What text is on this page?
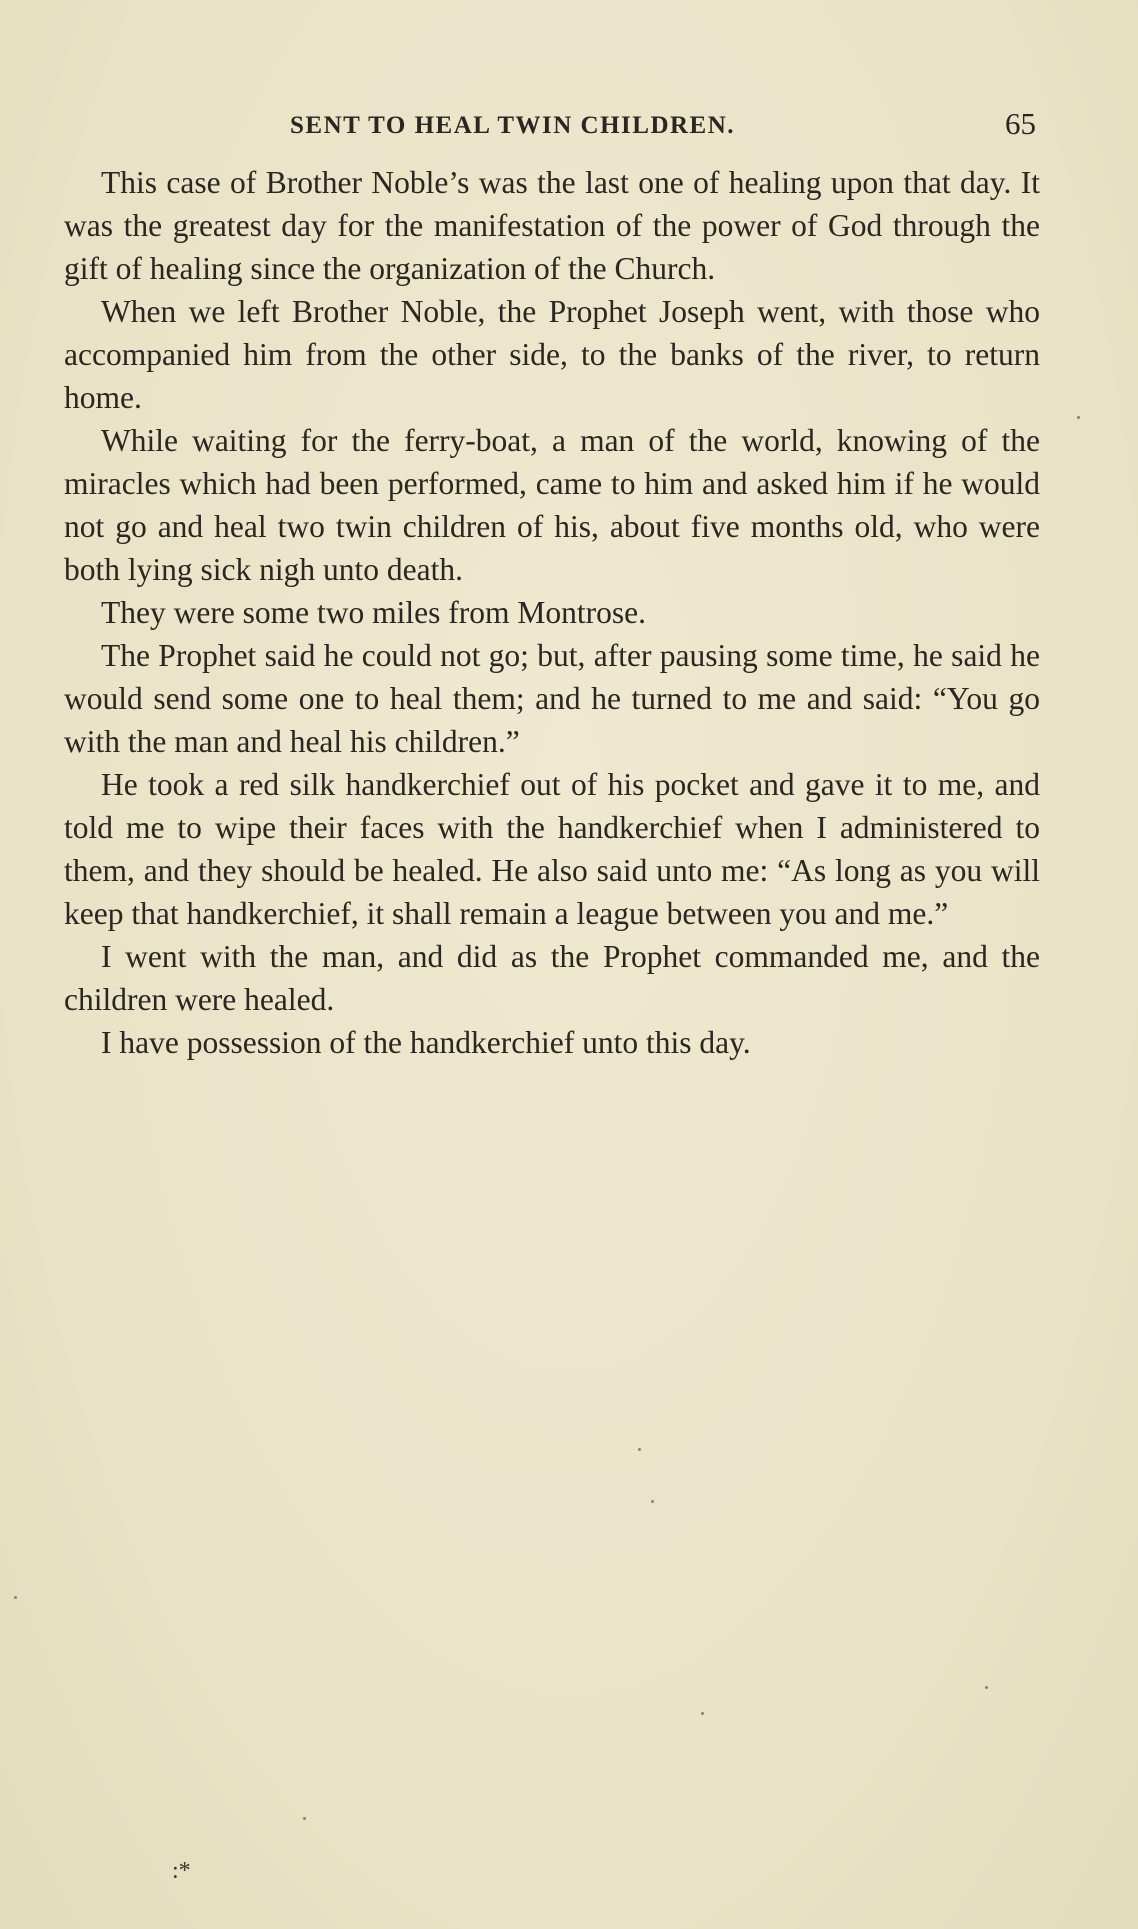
SENT TO HEAL TWIN CHILDREN.	65

This case of Brother Noble’s was the last one of healing upon that day. It was the greatest day for the manifestation of the power of God through the gift of healing since the organization of the Church.

When we left Brother Noble, the Prophet Joseph went, with those who accompanied him from the other side, to the banks of the river, to return home.

While waiting for the ferry-boat, a man of the world, knowing of the miracles which had been performed, came to him and asked him if he would not go and heal two twin children of his, about five months old, who were both lying sick nigh unto death.

They were some two miles from Montrose.

The Prophet said he could not go; but, after pausing some time, he said he would send some one to heal them; and he turned to me and said: “You go with the man and heal his children.”

He took a red silk handkerchief out of his pocket and gave it to me, and told me to wipe their faces with the handkerchief when I administered to them, and they should be healed. He also said unto me: “As long as you will keep that handkerchief, it shall remain a league between you and me.”

I went with the man, and did as the Prophet commanded me, and the children were healed.

I have possession of the handkerchief unto this day.

:*
